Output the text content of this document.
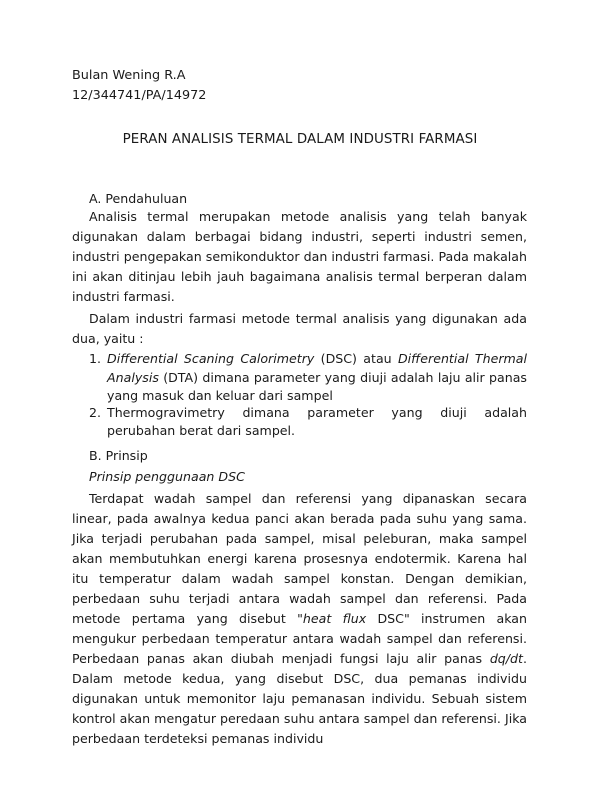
Bulan Wening R.A
12/344741/PA/14972
PERAN ANALISIS TERMAL DALAM INDUSTRI FARMASI
A. Pendahuluan
Analisis termal merupakan metode analisis yang telah banyak digunakan dalam berbagai bidang industri, seperti industri semen, industri pengepakan semikonduktor dan industri farmasi. Pada makalah ini akan ditinjau lebih jauh bagaimana analisis termal berperan dalam industri farmasi.
Dalam industri farmasi metode termal analisis yang digunakan ada dua, yaitu :
1. Differential Scaning Calorimetry (DSC) atau Differential Thermal Analysis (DTA) dimana parameter yang diuji adalah laju alir panas yang masuk dan keluar dari sampel
2. Thermogravimetry dimana parameter yang diuji adalah perubahan berat dari sampel.
B. Prinsip
Prinsip penggunaan DSC
Terdapat wadah sampel dan referensi yang dipanaskan secara linear, pada awalnya kedua panci akan berada pada suhu yang sama. Jika terjadi perubahan pada sampel, misal peleburan, maka sampel akan membutuhkan energi karena prosesnya endotermik. Karena hal itu temperatur dalam wadah sampel konstan. Dengan demikian, perbedaan suhu terjadi antara wadah sampel dan referensi. Pada metode pertama yang disebut "heat flux DSC" instrumen akan mengukur perbedaan temperatur antara wadah sampel dan referensi. Perbedaan panas akan diubah menjadi fungsi laju alir panas dq/dt. Dalam metode kedua, yang disebut DSC, dua pemanas individu digunakan untuk memonitor laju pemanasan individu. Sebuah sistem kontrol akan mengatur peredaan suhu antara sampel dan referensi. Jika perbedaan terdeteksi pemanas individu
